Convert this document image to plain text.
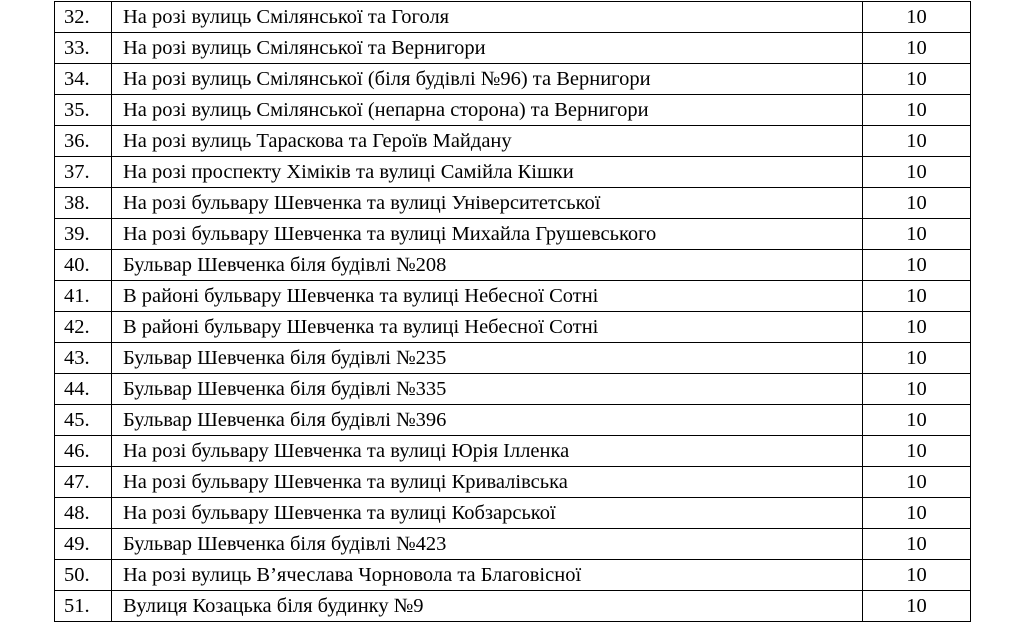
32.	На розі вулиць Смілянської та Гоголя	10
33.	На розі вулиць Смілянської та Вернигори	10
34.	На розі вулиць Смілянської (біля будівлі №96) та Вернигори	10
35.	На розі вулиць Смілянської (непарна сторона) та Вернигори	10
36.	На розі вулиць Тараскова та Героїв Майдану	10
37.	На розі проспекту Хіміків та вулиці Самійла Кішки	10
38.	На розі бульвару Шевченка та вулиці Університетської	10
39.	На розі бульвару Шевченка та вулиці Михайла Грушевського	10
40.	Бульвар Шевченка біля будівлі №208	10
41.	В районі бульвару Шевченка та вулиці Небесної Сотні	10
42.	В районі бульвару Шевченка та вулиці Небесної Сотні	10
43.	Бульвар Шевченка біля будівлі №235	10
44.	Бульвар Шевченка біля будівлі №335	10
45.	Бульвар Шевченка біля будівлі №396	10
46.	На розі бульвару Шевченка та вулиці Юрія Ілленка	10
47.	На розі бульвару Шевченка та вулиці Кривалівська	10
48.	На розі бульвару Шевченка та вулиці Кобзарської	10
49.	Бульвар Шевченка біля будівлі №423	10
50.	На розі вулиць В’ячеслава Чорновола та Благовісної	10
51.	Вулиця Козацька біля будинку №9	10
